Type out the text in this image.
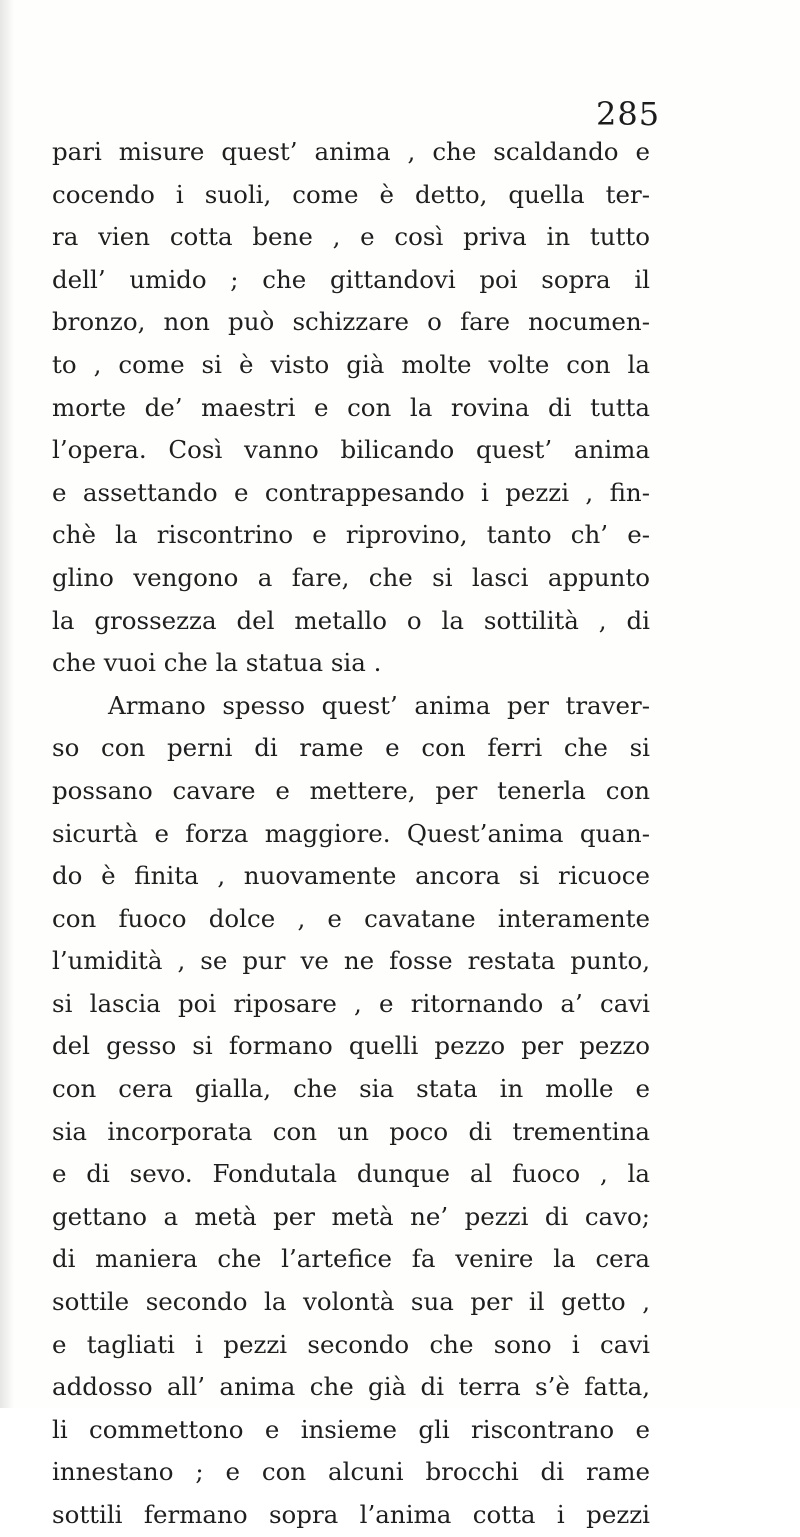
285
pari misure quest’ anima , che scaldando e
cocendo i suoli, come è detto, quella ter-
ra vien cotta bene , e così priva in tutto
dell’ umido ; che gittandovi poi sopra il
bronzo, non può schizzare o fare nocumen-
to , come si è visto già molte volte con la
morte de’ maestri e con la rovina di tutta
l’opera. Così vanno bilicando quest’ anima
e assettando e contrappesando i pezzi , fin-
chè la riscontrino e riprovino, tanto ch’ e-
glino vengono a fare, che si lasci appunto
la grossezza del metallo o la sottilità , di
che vuoi che la statua sia .
Armano spesso quest’ anima per traver-
so con perni di rame e con ferri che si
possano cavare e mettere, per tenerla con
sicurtà e forza maggiore. Quest’anima quan-
do è finita , nuovamente ancora si ricuoce
con fuoco dolce , e cavatane interamente
l’umidità , se pur ve ne fosse restata punto,
si lascia poi riposare , e ritornando a’ cavi
del gesso si formano quelli pezzo per pezzo
con cera gialla, che sia stata in molle e
sia incorporata con un poco di trementina
e di sevo. Fondutala dunque al fuoco , la
gettano a metà per metà ne’ pezzi di cavo;
di maniera che l’artefice fa venire la cera
sottile secondo la volontà sua per il getto ,
e tagliati i pezzi secondo che sono i cavi
addosso all’ anima che già di terra s’è fatta,
li commettono e insieme gli riscontrano e
innestano ; e con alcuni brocchi di rame
sottili fermano sopra l’anima cotta i pezzi
